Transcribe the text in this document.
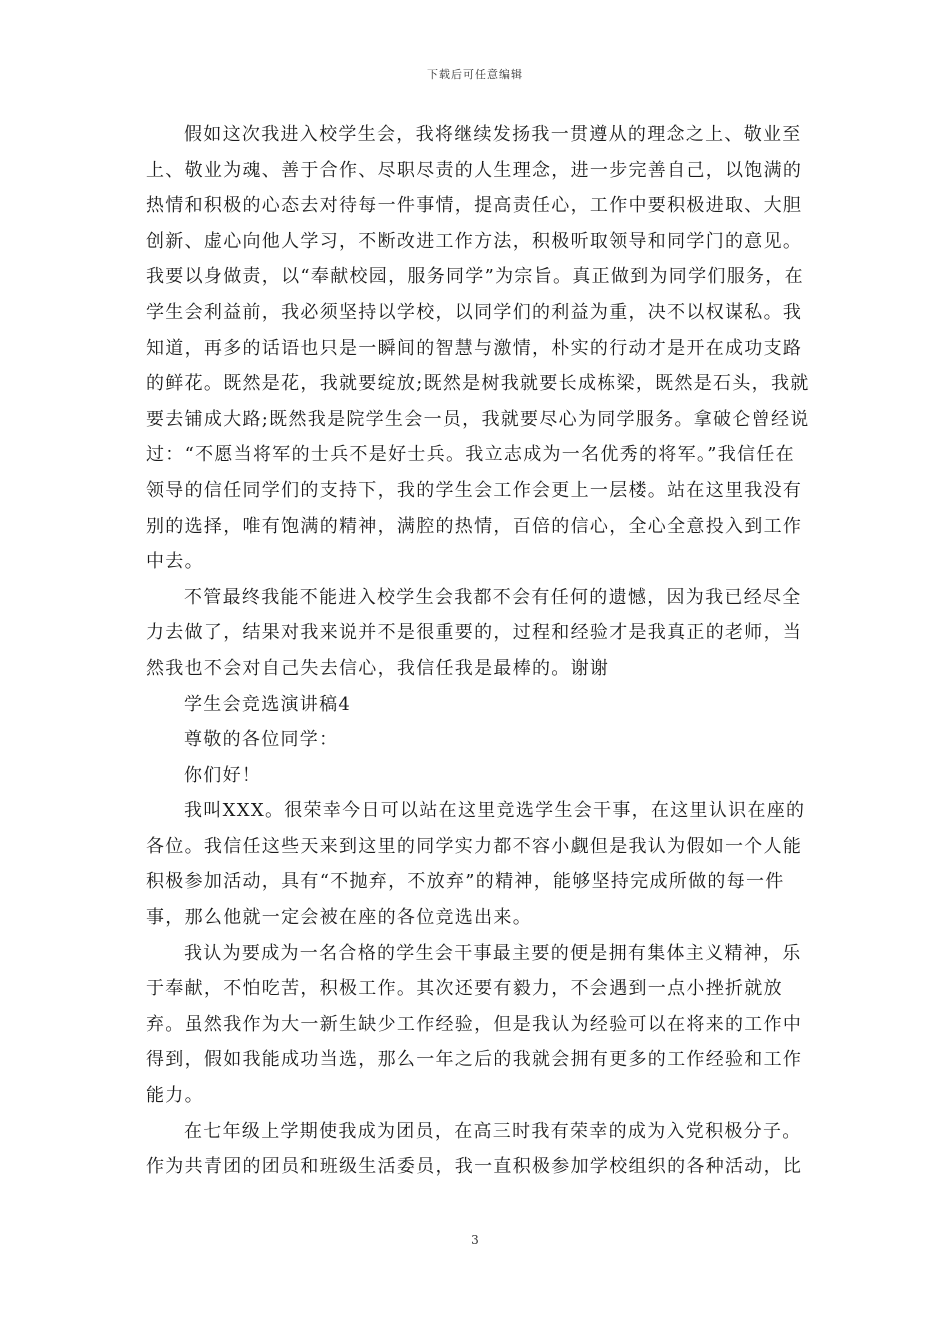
下载后可任意编辑

假如这次我进入校学生会，我将继续发扬我一贯遵从的理念之上、敬业至上、敬业为魂、善于合作、尽职尽责的人生理念，进一步完善自己，以饱满的热情和积极的心态去对待每一件事情，提高责任心，工作中要积极进取、大胆创新、虚心向他人学习，不断改进工作方法，积极听取领导和同学门的意见。我要以身做责，以“奉献校园，服务同学”为宗旨。真正做到为同学们服务，在学生会利益前，我必须坚持以学校，以同学们的利益为重，决不以权谋私。我知道，再多的话语也只是一瞬间的智慧与激情，朴实的行动才是开在成功支路的鲜花。既然是花，我就要绽放;既然是树我就要长成栋梁，既然是石头，我就要去铺成大路;既然我是院学生会一员，我就要尽心为同学服务。拿破仑曾经说过：“不愿当将军的士兵不是好士兵。我立志成为一名优秀的将军。”我信任在领导的信任同学们的支持下，我的学生会工作会更上一层楼。站在这里我没有别的选择，唯有饱满的精神，满腔的热情，百倍的信心，全心全意投入到工作中去。

不管最终我能不能进入校学生会我都不会有任何的遗憾，因为我已经尽全力去做了，结果对我来说并不是很重要的，过程和经验才是我真正的老师，当然我也不会对自己失去信心，我信任我是最棒的。谢谢

学生会竞选演讲稿4

尊敬的各位同学：

你们好！

我叫XXX。很荣幸今日可以站在这里竞选学生会干事，在这里认识在座的各位。我信任这些天来到这里的同学实力都不容小觑但是我认为假如一个人能积极参加活动，具有“不抛弃，不放弃”的精神，能够坚持完成所做的每一件事，那么他就一定会被在座的各位竞选出来。

我认为要成为一名合格的学生会干事最主要的便是拥有集体主义精神，乐于奉献，不怕吃苦，积极工作。其次还要有毅力，不会遇到一点小挫折就放弃。虽然我作为大一新生缺少工作经验，但是我认为经验可以在将来的工作中得到，假如我能成功当选，那么一年之后的我就会拥有更多的工作经验和工作能力。

在七年级上学期使我成为团员，在高三时我有荣幸的成为入党积极分子。作为共青团的团员和班级生活委员，我一直积极参加学校组织的各种活动，比

3
